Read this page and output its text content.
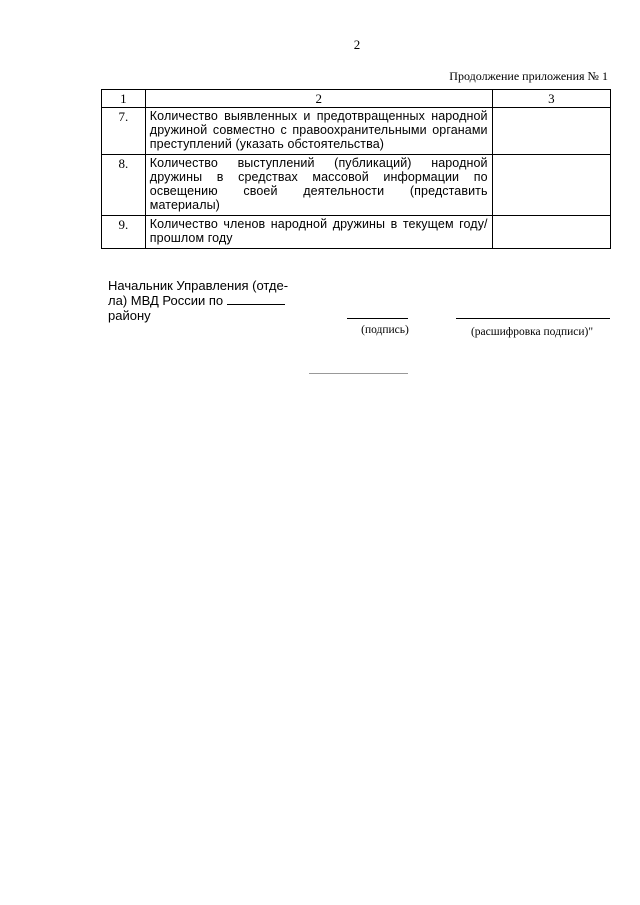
2
Продолжение приложения № 1
1	2	3
7.	Количество выявленных и предотвращенных народной дружиной совместно с правоохранительными органами преступлений (указать обстоятельства)	
8.	Количество выступлений (публикаций) народной дружины в средствах массовой информации по освещению своей деятельности (представить материалы)	
9.	Количество членов народной дружины в текущем году/прошлом году	
Начальник Управления (отде-
ла) МВД России по
району
(подпись)	(расшифровка подписи)"
